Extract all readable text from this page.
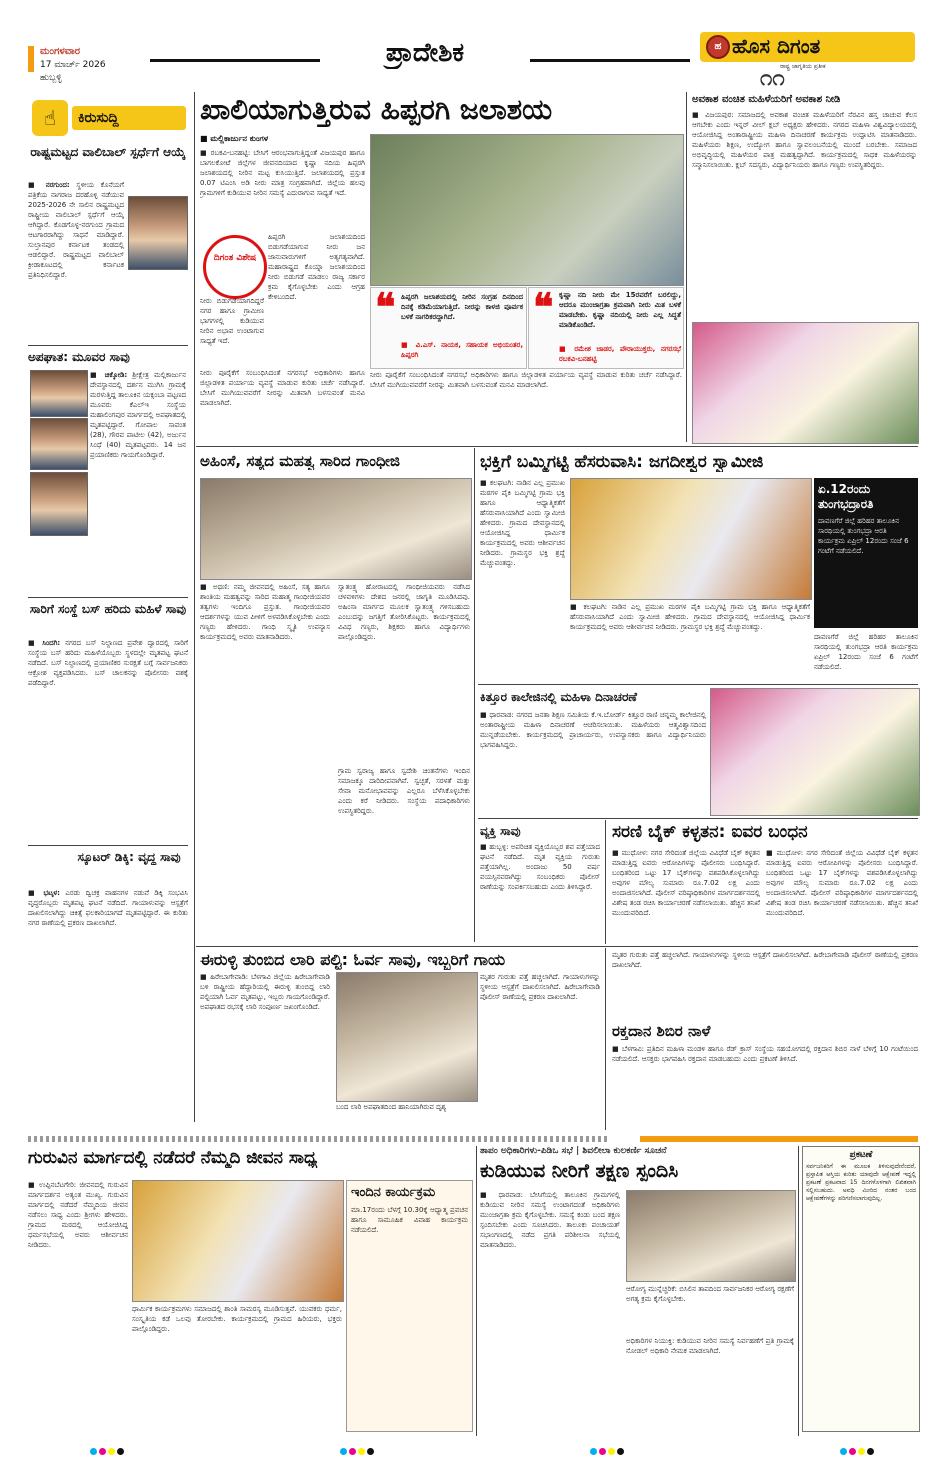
ಮಂಗಳವಾರ
17 ಮಾರ್ಚ್ 2026
ಹುಬ್ಬಳ್ಳಿ
ಪ್ರಾದೇಶಿಕ	ಹ ಹೊಸ ದಿಗಂತ
ರಾಷ್ಟ್ರ ಜಾಗೃತಿಯ ಪ್ರತೀಕ
೧೧
☝	ಕಿರುಸುದ್ದಿ
ರಾಷ್ಟ್ರಮಟ್ಟದ ವಾಲಿಬಾಲ್ ಸ್ಪರ್ಧೆಗೆ ಆಯ್ಕೆ
■ ನರಗುಂದ: ಸ್ಥಳೀಯ ಕೊನೆಯಗೆ ಪತ್ರಿಕೆಯ ನಾಗರಾಜ ದರಹೊಳ್ಳಿ ನಡೆಯುವ 2025-2026 ನೇ ಸಾಲಿನ ರಾಷ್ಟ್ರಮಟ್ಟದ ರಾಷ್ಟ್ರೀಯ ವಾಲಿಬಾಲ್ ಸ್ಪರ್ಧೆಗೆ ಆಯ್ಕೆ ಆಗಿದ್ದಾರೆ. ಕೊಡಗೊಳ್ಳ-ನರಗುಂದ ಗ್ರಾಮದ ಆಟಗಾರರಾಗಿದ್ದು ಸಾಧನೆ ಮಾಡಿದ್ದಾರೆ. ಸುಲ್ತಾನಪುರ ಕರ್ನಾಟಕ ತಂಡದಲ್ಲಿ ಆಡಲಿದ್ದಾರೆ. ರಾಷ್ಟ್ರಮಟ್ಟದ ವಾಲಿಬಾಲ್ ಕ್ರೀಡಾಕೂಟದಲ್ಲಿ ಕರ್ನಾಟಕ ಪ್ರತಿನಿಧಿಸಲಿದ್ದಾರೆ.
ಅಪಘಾತ: ಮೂವರ ಸಾವು
■ ಚಿಕ್ಕೋಡಿ: ಶ್ರೀಕ್ಷೇತ್ರ ಮಲ್ಲಿಕಾರ್ಜುನ ದೇವಸ್ಥಾನದಲ್ಲಿ ದರ್ಶನ ಮುಗಿಸಿ ಗ್ರಾಮಕ್ಕೆ ಮರಳುತ್ತಿದ್ದ ತಾಲೂಕಿನ ಯಕ್ಸಂಬಾ ಪಟ್ಟಣದ ಮೂವರು ಕೆಎಲ್ಇ ಸಂಸ್ಥೆಯ ಮಹಾಲಿಂಗಪುರ ಮಾರ್ಗದಲ್ಲಿ ಅಪಘಾತದಲ್ಲಿ ಮೃತಪಟ್ಟಿದ್ದಾರೆ. ಗೋಪಾಲ ಸಾವಂತ (28), ಗೌರವ ಪಾಟೀಲ (42), ಅರ್ಜುನ ಸಿಂಧೆ (40) ಮೃತಪಟ್ಟವರು. 14 ಜನ ಪ್ರಯಾಣಿಕರು ಗಾಯಗೊಂಡಿದ್ದಾರೆ.
ಸಾರಿಗೆ ಸಂಸ್ಥೆ ಬಸ್ ಹರಿದು ಮಹಿಳೆ ಸಾವು
■ ಸಿಂದಗಿ: ನಗರದ ಬಸ್ ನಿಲ್ದಾಣದ ಪ್ರವೇಶ ದ್ವಾರದಲ್ಲಿ ಸಾರಿಗೆ ಸಂಸ್ಥೆಯ ಬಸ್ ಹರಿದು ಮಹಿಳೆಯೊಬ್ಬರು ಸ್ಥಳದಲ್ಲೇ ಮೃತಪಟ್ಟ ಘಟನೆ ನಡೆದಿದೆ. ಬಸ್ ನಿಲ್ದಾಣದಲ್ಲಿ ಪ್ರಯಾಣಿಕರ ಸುರಕ್ಷತೆ ಬಗ್ಗೆ ಸಾರ್ವಜನಿಕರು ಆಕ್ರೋಶ ವ್ಯಕ್ತಪಡಿಸಿದರು. ಬಸ್ ಚಾಲಕನನ್ನು ಪೊಲೀಸರು ವಶಕ್ಕೆ ಪಡೆದಿದ್ದಾರೆ.
ಸ್ಕೂಟರ್ ಡಿಕ್ಕಿ: ವೃದ್ಧ ಸಾವು
■ ಭಟ್ಕಳ: ಎರಡು ದ್ವಿಚಕ್ರ ವಾಹನಗಳ ನಡುವೆ ಡಿಕ್ಕಿ ಸಂಭವಿಸಿ ವೃದ್ಧರೊಬ್ಬರು ಮೃತಪಟ್ಟ ಘಟನೆ ನಡೆದಿದೆ. ಗಾಯಾಳುವನ್ನು ಆಸ್ಪತ್ರೆಗೆ ದಾಖಲಿಸಲಾಗಿದ್ದು ಚಿಕಿತ್ಸೆ ಫಲಕಾರಿಯಾಗದೆ ಮೃತಪಟ್ಟಿದ್ದಾರೆ. ಈ ಕುರಿತು ನಗರ ಠಾಣೆಯಲ್ಲಿ ಪ್ರಕರಣ ದಾಖಲಾಗಿದೆ.
ಖಾಲಿಯಾಗುತ್ತಿರುವ ಹಿಪ್ಪರಗಿ ಜಲಾಶಯ
■ ಮಲ್ಲಿಕಾರ್ಜುನ ಕುಂಗಳ
■ ರಬಕವಿ-ಬನಹಟ್ಟಿ: ಬೇಸಿಗೆ ಆರಂಭವಾಗುತ್ತಿದ್ದಂತೆ ವಿಜಯಪುರ ಹಾಗೂ ಬಾಗಲಕೋಟೆ ಜಿಲ್ಲೆಗಳ ಜೀವನದಿಯಾದ ಕೃಷ್ಣಾ ನದಿಯ ಹಿಪ್ಪರಗಿ ಜಲಾಶಯದಲ್ಲಿ ನೀರಿನ ಮಟ್ಟ ಕುಸಿಯುತ್ತಿದೆ. ಜಲಾಶಯದಲ್ಲಿ ಪ್ರಸ್ತುತ 0.07 ಟಿಎಂಸಿ ಅಡಿ ನೀರು ಮಾತ್ರ ಸಂಗ್ರಹವಾಗಿದೆ. ಜಿಲ್ಲೆಯ ಹಲವು ಗ್ರಾಮಗಳಿಗೆ ಕುಡಿಯುವ ನೀರಿನ ಸಮಸ್ಯೆ ಎದುರಾಗುವ ಸಾಧ್ಯತೆ ಇದೆ.
ದಿಗಂತ ವಿಶೇಷ
ಹಿಪ್ಪರಗಿ ಜಲಾಶಯದಿಂದ ಬಿಡುಗಡೆಯಾಗುವ ನೀರು ಜನ ಜಾನುವಾರುಗಳಿಗೆ ಅತ್ಯಗತ್ಯವಾಗಿದೆ. ಮಹಾರಾಷ್ಟ್ರದ ಕೊಯ್ನಾ ಜಲಾಶಯದಿಂದ ನೀರು ಬಿಡುಗಡೆ ಮಾಡಲು ರಾಜ್ಯ ಸರ್ಕಾರ ಕ್ರಮ ಕೈಗೊಳ್ಳಬೇಕು ಎಂದು ಆಗ್ರಹ ಕೇಳಿಬಂದಿದೆ.
ನೀರು ಬಿಡುಗಡೆಯಾಗದಿದ್ದರೆ ನಗರ ಹಾಗೂ ಗ್ರಾಮೀಣ ಭಾಗಗಳಲ್ಲಿ ಕುಡಿಯುವ ನೀರಿನ ಅಭಾವ ಉಂಟಾಗುವ ಸಾಧ್ಯತೆ ಇದೆ.
ನೀರು ಪೂರೈಕೆಗೆ ಸಂಬಂಧಿಸಿದಂತೆ ನಗರಸಭೆ ಅಧಿಕಾರಿಗಳು ಹಾಗೂ ಜಿಲ್ಲಾಡಳಿತ ಪರ್ಯಾಯ ವ್ಯವಸ್ಥೆ ಮಾಡುವ ಕುರಿತು ಚರ್ಚೆ ನಡೆಸಿದ್ದಾರೆ. ಬೇಸಿಗೆ ಮುಗಿಯುವವರೆಗೆ ನೀರನ್ನು ಮಿತವಾಗಿ ಬಳಸುವಂತೆ ಮನವಿ ಮಾಡಲಾಗಿದೆ.
❝ ಹಿಪ್ಪರಗಿ ಜಲಾಶಯದಲ್ಲಿ ನೀರಿನ ಸಂಗ್ರಹ ದಿನದಿಂದ ದಿನಕ್ಕೆ ಕಡಿಮೆಯಾಗುತ್ತಿದೆ. ನೀರನ್ನು ಕಾಳಜಿ ಪೂರ್ವಕ ಬಳಕೆ ನಾಗರಿಕರದ್ದಾಗಿದೆ.
■ ವಿ.ಎಸ್. ನಾಯಕ, ಸಹಾಯಕ ಅಭಿಯಂತರ, ಹಿಪ್ಪರಗಿ
❝ ಕೃಷ್ಣಾ ನದಿ ನೀರು ಮೇ 15ರವರೆಗೆ ಬರಲಿದ್ದು, ಆದರೂ ಮುಂಜಾಗ್ರತಾ ಕ್ರಮವಾಗಿ ನೀರು ಮಿತ ಬಳಕೆ ಮಾಡಬೇಕು. ಕೃಷ್ಣಾ ನದಿಯಲ್ಲಿ ನೀರು ಎಲ್ಲ ಸಿದ್ಧತೆ ಮಾಡಿಕೊಂಡಿದೆ.
■ ರಮೇಶ ಜಾಡರ, ಪೌರಾಯುಕ್ತರು, ನಗರಸಭೆ ರಬಕವಿ-ಬನಹಟ್ಟಿ
ನೀರು ಪೂರೈಕೆಗೆ ಸಂಬಂಧಿಸಿದಂತೆ ನಗರಸಭೆ ಅಧಿಕಾರಿಗಳು ಹಾಗೂ ಜಿಲ್ಲಾಡಳಿತ ಪರ್ಯಾಯ ವ್ಯವಸ್ಥೆ ಮಾಡುವ ಕುರಿತು ಚರ್ಚೆ ನಡೆಸಿದ್ದಾರೆ. ಬೇಸಿಗೆ ಮುಗಿಯುವವರೆಗೆ ನೀರನ್ನು ಮಿತವಾಗಿ ಬಳಸುವಂತೆ ಮನವಿ ಮಾಡಲಾಗಿದೆ.
ಅವಕಾಶ ವಂಚಿತ ಮಹಿಳೆಯರಿಗೆ ಅವಕಾಶ ನೀಡಿ
■ ವಿಜಯಪುರ: ಸಮಾಜದಲ್ಲಿ ಅವಕಾಶ ವಂಚಿತ ಮಹಿಳೆಯರಿಗೆ ನೆರವಿನ ಹಸ್ತ ಚಾಚುವ ಕೆಲಸ ಆಗಬೇಕು ಎಂದು ಇನ್ನರ್ ವೀಲ್ ಕ್ಲಬ್ ಅಧ್ಯಕ್ಷರು ಹೇಳಿದರು. ನಗರದ ಮಹಿಳಾ ವಿಶ್ವವಿದ್ಯಾಲಯದಲ್ಲಿ ಆಯೋಜಿಸಿದ್ದ ಅಂತಾರಾಷ್ಟ್ರೀಯ ಮಹಿಳಾ ದಿನಾಚರಣೆ ಕಾರ್ಯಕ್ರಮ ಉದ್ಘಾಟಿಸಿ ಮಾತನಾಡಿದರು. ಮಹಿಳೆಯರು ಶಿಕ್ಷಣ, ಉದ್ಯೋಗ ಹಾಗೂ ಸ್ವಾವಲಂಬನೆಯಲ್ಲಿ ಮುಂದೆ ಬರಬೇಕು. ಸಮಾಜದ ಅಭಿವೃದ್ಧಿಯಲ್ಲಿ ಮಹಿಳೆಯರ ಪಾತ್ರ ಮಹತ್ವದ್ದಾಗಿದೆ. ಕಾರ್ಯಕ್ರಮದಲ್ಲಿ ಸಾಧಕ ಮಹಿಳೆಯರನ್ನು ಸನ್ಮಾನಿಸಲಾಯಿತು. ಕ್ಲಬ್ ಸದಸ್ಯರು, ವಿದ್ಯಾರ್ಥಿನಿಯರು ಹಾಗೂ ಗಣ್ಯರು ಉಪಸ್ಥಿತರಿದ್ದರು.
ಅಹಿಂಸೆ, ಸತ್ಯದ ಮಹತ್ವ ಸಾರಿದ ಗಾಂಧೀಜಿ
■ ಅಥಣಿ: ನಮ್ಮ ಜೀವನದಲ್ಲಿ ಅಹಿಂಸೆ, ಸತ್ಯ ಹಾಗೂ ಶಾಂತಿಯ ಮಹತ್ವವನ್ನು ಸಾರಿದ ಮಹಾತ್ಮ ಗಾಂಧೀಜಿಯವರ ತತ್ವಗಳು ಇಂದಿಗೂ ಪ್ರಸ್ತುತ. ಗಾಂಧೀಜಿಯವರ ಆದರ್ಶಗಳನ್ನು ಯುವ ಪೀಳಿಗೆ ಅಳವಡಿಸಿಕೊಳ್ಳಬೇಕು ಎಂದು ಗಣ್ಯರು ಹೇಳಿದರು. ಗಾಂಧಿ ಸ್ಮೃತಿ ಉಪನ್ಯಾಸ ಕಾರ್ಯಕ್ರಮದಲ್ಲಿ ಅವರು ಮಾತನಾಡಿದರು.
ಸ್ವಾತಂತ್ರ್ಯ ಹೋರಾಟದಲ್ಲಿ ಗಾಂಧೀಜಿಯವರು ನಡೆಸಿದ ಚಳವಳಿಗಳು ದೇಶದ ಜನರಲ್ಲಿ ಜಾಗೃತಿ ಮೂಡಿಸಿದವು. ಅಹಿಂಸಾ ಮಾರ್ಗದ ಮೂಲಕ ಸ್ವಾತಂತ್ರ್ಯ ಗಳಿಸಬಹುದು ಎಂಬುದನ್ನು ಜಗತ್ತಿಗೆ ತೋರಿಸಿಕೊಟ್ಟರು. ಕಾರ್ಯಕ್ರಮದಲ್ಲಿ ವಿವಿಧ ಗಣ್ಯರು, ಶಿಕ್ಷಕರು ಹಾಗೂ ವಿದ್ಯಾರ್ಥಿಗಳು ಪಾಲ್ಗೊಂಡಿದ್ದರು.
ಗ್ರಾಮ ಸ್ವರಾಜ್ಯ ಹಾಗೂ ಸ್ವದೇಶಿ ಚಿಂತನೆಗಳು ಇಂದಿನ ಸಮಾಜಕ್ಕೂ ದಾರಿದೀಪವಾಗಿವೆ. ಸ್ವಚ್ಛತೆ, ಸರಳತೆ ಮತ್ತು ಸೇವಾ ಮನೋಭಾವವನ್ನು ಎಲ್ಲರೂ ಬೆಳೆಸಿಕೊಳ್ಳಬೇಕು ಎಂದು ಕರೆ ನೀಡಿದರು. ಸಂಸ್ಥೆಯ ಪದಾಧಿಕಾರಿಗಳು ಉಪಸ್ಥಿತರಿದ್ದರು.
ಭಕ್ತಿಗೆ ಬಮ್ಮಿಗಟ್ಟಿ ಹೆಸರುವಾಸಿ: ಜಗದೀಶ್ವರ ಸ್ವಾಮೀಜಿ
■ ಕಲಘಟಗಿ: ನಾಡಿನ ಎಲ್ಲ ಪ್ರಮುಖ ಮಠಗಳ ಪೈಕಿ ಬಮ್ಮಿಗಟ್ಟಿ ಗ್ರಾಮ ಭಕ್ತಿ ಹಾಗೂ ಆಧ್ಯಾತ್ಮಿಕತೆಗೆ ಹೆಸರುವಾಸಿಯಾಗಿದೆ ಎಂದು ಸ್ವಾಮೀಜಿ ಹೇಳಿದರು. ಗ್ರಾಮದ ದೇವಸ್ಥಾನದಲ್ಲಿ ಆಯೋಜಿಸಿದ್ದ ಧಾರ್ಮಿಕ ಕಾರ್ಯಕ್ರಮದಲ್ಲಿ ಅವರು ಆಶೀರ್ವಚನ ನೀಡಿದರು. ಗ್ರಾಮಸ್ಥರ ಭಕ್ತಿ ಶ್ರದ್ಧೆ ಮೆಚ್ಚುವಂತದ್ದು.
■ ಕಲಘಟಗಿ: ನಾಡಿನ ಎಲ್ಲ ಪ್ರಮುಖ ಮಠಗಳ ಪೈಕಿ ಬಮ್ಮಿಗಟ್ಟಿ ಗ್ರಾಮ ಭಕ್ತಿ ಹಾಗೂ ಆಧ್ಯಾತ್ಮಿಕತೆಗೆ ಹೆಸರುವಾಸಿಯಾಗಿದೆ ಎಂದು ಸ್ವಾಮೀಜಿ ಹೇಳಿದರು. ಗ್ರಾಮದ ದೇವಸ್ಥಾನದಲ್ಲಿ ಆಯೋಜಿಸಿದ್ದ ಧಾರ್ಮಿಕ ಕಾರ್ಯಕ್ರಮದಲ್ಲಿ ಅವರು ಆಶೀರ್ವಚನ ನೀಡಿದರು. ಗ್ರಾಮಸ್ಥರ ಭಕ್ತಿ ಶ್ರದ್ಧೆ ಮೆಚ್ಚುವಂತದ್ದು.
ಏ.12ರಂದು ತುಂಗಭದ್ರಾರತಿ
ದಾವಣಗೆರೆ ಜಿಲ್ಲೆ ಹರಿಹರ ತಾಲೂಕಿನ ಸಾರಥಿಯಲ್ಲಿ ತುಂಗಭದ್ರಾ ಆರತಿ ಕಾರ್ಯಕ್ರಮ ಏಪ್ರಿಲ್ 12ರಂದು ಸಂಜೆ 6 ಗಂಟೆಗೆ ನಡೆಯಲಿದೆ.
ದಾವಣಗೆರೆ ಜಿಲ್ಲೆ ಹರಿಹರ ತಾಲೂಕಿನ ಸಾರಥಿಯಲ್ಲಿ ತುಂಗಭದ್ರಾ ಆರತಿ ಕಾರ್ಯಕ್ರಮ ಏಪ್ರಿಲ್ 12ರಂದು ಸಂಜೆ 6 ಗಂಟೆಗೆ ನಡೆಯಲಿದೆ.
ಕಿತ್ತೂರ ಕಾಲೇಜಿನಲ್ಲಿ ಮಹಿಳಾ ದಿನಾಚರಣೆ
■ ಧಾರವಾಡ: ನಗರದ ಜನತಾ ಶಿಕ್ಷಣ ಸಮಿತಿಯ ಕೆ.ಇ.ಬೋರ್ಡ್ ಕಿತ್ತೂರ ರಾಣಿ ಚನ್ನಮ್ಮ ಕಾಲೇಜಿನಲ್ಲಿ ಅಂತಾರಾಷ್ಟ್ರೀಯ ಮಹಿಳಾ ದಿನಾಚರಣೆ ಆಚರಿಸಲಾಯಿತು. ಮಹಿಳೆಯರು ಆತ್ಮವಿಶ್ವಾಸದಿಂದ ಮುನ್ನಡೆಯಬೇಕು. ಕಾರ್ಯಕ್ರಮದಲ್ಲಿ ಪ್ರಾಚಾರ್ಯರು, ಉಪನ್ಯಾಸಕರು ಹಾಗೂ ವಿದ್ಯಾರ್ಥಿನಿಯರು ಭಾಗವಹಿಸಿದ್ದರು.
ವ್ಯಕ್ತಿ ಸಾವು
■ ಹುಬ್ಬಳ್ಳಿ: ಅಪರಿಚಿತ ವ್ಯಕ್ತಿಯೊಬ್ಬರ ಶವ ಪತ್ತೆಯಾದ ಘಟನೆ ನಡೆದಿದೆ. ಮೃತ ವ್ಯಕ್ತಿಯ ಗುರುತು ಪತ್ತೆಯಾಗಿಲ್ಲ. ಅಂದಾಜು 50 ವರ್ಷ ವಯಸ್ಸಿನವರಾಗಿದ್ದು ಸಂಬಂಧಿಕರು ಪೊಲೀಸ್ ಠಾಣೆಯನ್ನು ಸಂಪರ್ಕಿಸಬಹುದು ಎಂದು ತಿಳಿಸಿದ್ದಾರೆ.
ಸರಣಿ ಬೈಕ್ ಕಳ್ಳತನ: ಐವರ ಬಂಧನ
■ ಮುಧೋಳ: ನಗರ ಸೇರಿದಂತೆ ಜಿಲ್ಲೆಯ ವಿವಿಧೆಡೆ ಬೈಕ್ ಕಳ್ಳತನ ಮಾಡುತ್ತಿದ್ದ ಐವರು ಆರೋಪಿಗಳನ್ನು ಪೊಲೀಸರು ಬಂಧಿಸಿದ್ದಾರೆ. ಬಂಧಿತರಿಂದ ಒಟ್ಟು 17 ಬೈಕ್‌ಗಳನ್ನು ವಶಪಡಿಸಿಕೊಳ್ಳಲಾಗಿದ್ದು ಅವುಗಳ ಮೌಲ್ಯ ಸುಮಾರು ರೂ.7.02 ಲಕ್ಷ ಎಂದು ಅಂದಾಜಿಸಲಾಗಿದೆ. ಪೊಲೀಸ್ ವರಿಷ್ಠಾಧಿಕಾರಿಗಳ ಮಾರ್ಗದರ್ಶನದಲ್ಲಿ ವಿಶೇಷ ತಂಡ ರಚಿಸಿ ಕಾರ್ಯಾಚರಣೆ ನಡೆಸಲಾಯಿತು. ಹೆಚ್ಚಿನ ತನಿಖೆ ಮುಂದುವರಿದಿದೆ.
■ ಮುಧೋಳ: ನಗರ ಸೇರಿದಂತೆ ಜಿಲ್ಲೆಯ ವಿವಿಧೆಡೆ ಬೈಕ್ ಕಳ್ಳತನ ಮಾಡುತ್ತಿದ್ದ ಐವರು ಆರೋಪಿಗಳನ್ನು ಪೊಲೀಸರು ಬಂಧಿಸಿದ್ದಾರೆ. ಬಂಧಿತರಿಂದ ಒಟ್ಟು 17 ಬೈಕ್‌ಗಳನ್ನು ವಶಪಡಿಸಿಕೊಳ್ಳಲಾಗಿದ್ದು ಅವುಗಳ ಮೌಲ್ಯ ಸುಮಾರು ರೂ.7.02 ಲಕ್ಷ ಎಂದು ಅಂದಾಜಿಸಲಾಗಿದೆ. ಪೊಲೀಸ್ ವರಿಷ್ಠಾಧಿಕಾರಿಗಳ ಮಾರ್ಗದರ್ಶನದಲ್ಲಿ ವಿಶೇಷ ತಂಡ ರಚಿಸಿ ಕಾರ್ಯಾಚರಣೆ ನಡೆಸಲಾಯಿತು. ಹೆಚ್ಚಿನ ತನಿಖೆ ಮುಂದುವರಿದಿದೆ.
ಈರುಳ್ಳಿ ತುಂಬಿದ ಲಾರಿ ಪಲ್ಟಿ: ಓರ್ವ ಸಾವು, ಇಬ್ಬರಿಗೆ ಗಾಯ
■ ಹಿರೇಬಾಗೇವಾಡಿ: ಬೆಳಗಾವಿ ಜಿಲ್ಲೆಯ ಹಿರೇಬಾಗೇವಾಡಿ ಬಳಿ ರಾಷ್ಟ್ರೀಯ ಹೆದ್ದಾರಿಯಲ್ಲಿ ಈರುಳ್ಳಿ ತುಂಬಿದ್ದ ಲಾರಿ ಪಲ್ಟಿಯಾಗಿ ಓರ್ವ ಮೃತಪಟ್ಟು, ಇಬ್ಬರು ಗಾಯಗೊಂಡಿದ್ದಾರೆ. ಅಪಘಾತದ ರಭಸಕ್ಕೆ ಲಾರಿ ಸಂಪೂರ್ಣ ಜಖಂಗೊಂಡಿದೆ.
ಬಂದ ಲಾರಿ ಅಪಘಾತದಿಂದ ಹಾನಿಯಾಗಿರುವ ದೃಶ್ಯ
ಮೃತರ ಗುರುತು ಪತ್ತೆ ಹಚ್ಚಲಾಗಿದೆ. ಗಾಯಾಳುಗಳನ್ನು ಸ್ಥಳೀಯ ಆಸ್ಪತ್ರೆಗೆ ದಾಖಲಿಸಲಾಗಿದೆ. ಹಿರೇಬಾಗೇವಾಡಿ ಪೊಲೀಸ್ ಠಾಣೆಯಲ್ಲಿ ಪ್ರಕರಣ ದಾಖಲಾಗಿದೆ.
ರಕ್ತದಾನ ಶಿಬಿರ ನಾಳೆ
■ ಬೆಳಗಾವಿ: ಪ್ರತಿದಿನ ಮಹಿಳಾ ಮಂಡಳಿ ಹಾಗೂ ರೆಡ್ ಕ್ರಾಸ್ ಸಂಸ್ಥೆಯ ಸಹಯೋಗದಲ್ಲಿ ರಕ್ತದಾನ ಶಿಬಿರ ನಾಳೆ ಬೆಳಿಗ್ಗೆ 10 ಗಂಟೆಯಿಂದ ನಡೆಯಲಿದೆ. ಆಸಕ್ತರು ಭಾಗವಹಿಸಿ ರಕ್ತದಾನ ಮಾಡಬಹುದು ಎಂದು ಪ್ರಕಟಣೆ ತಿಳಿಸಿದೆ.
ಮೃತರ ಗುರುತು ಪತ್ತೆ ಹಚ್ಚಲಾಗಿದೆ. ಗಾಯಾಳುಗಳನ್ನು ಸ್ಥಳೀಯ ಆಸ್ಪತ್ರೆಗೆ ದಾಖಲಿಸಲಾಗಿದೆ. ಹಿರೇಬಾಗೇವಾಡಿ ಪೊಲೀಸ್ ಠಾಣೆಯಲ್ಲಿ ಪ್ರಕರಣ ದಾಖಲಾಗಿದೆ.
ಗುರುವಿನ ಮಾರ್ಗದಲ್ಲಿ ನಡೆದರೆ ನೆಮ್ಮದಿ ಜೀವನ ಸಾಧ್ಯ
■ ಉಪ್ಪಿನಬೆಟಗೇರಿ: ಜೀವನದಲ್ಲಿ ಗುರುವಿನ ಮಾರ್ಗದರ್ಶನ ಅತ್ಯಂತ ಮುಖ್ಯ. ಗುರುವಿನ ಮಾರ್ಗದಲ್ಲಿ ನಡೆದರೆ ನೆಮ್ಮದಿಯ ಜೀವನ ನಡೆಸಲು ಸಾಧ್ಯ ಎಂದು ಶ್ರೀಗಳು ಹೇಳಿದರು. ಗ್ರಾಮದ ಮಠದಲ್ಲಿ ಆಯೋಜಿಸಿದ್ದ ಧರ್ಮಸಭೆಯಲ್ಲಿ ಅವರು ಆಶೀರ್ವಚನ ನೀಡಿದರು.
ಧಾರ್ಮಿಕ ಕಾರ್ಯಕ್ರಮಗಳು ಸಮಾಜದಲ್ಲಿ ಶಾಂತಿ ಸಾಮರಸ್ಯ ಮೂಡಿಸುತ್ತವೆ. ಯುವಕರು ಧರ್ಮ, ಸಂಸ್ಕೃತಿಯ ಕಡೆ ಒಲವು ತೋರಬೇಕು. ಕಾರ್ಯಕ್ರಮದಲ್ಲಿ ಗ್ರಾಮದ ಹಿರಿಯರು, ಭಕ್ತರು ಪಾಲ್ಗೊಂಡಿದ್ದರು.
ಇಂದಿನ ಕಾರ್ಯಕ್ರಮ
ಮಾ.17ರಂದು ಬೆಳಗ್ಗೆ 10.30ಕ್ಕೆ ಆಧ್ಯಾತ್ಮ ಪ್ರವಚನ ಹಾಗೂ ಸಾಮೂಹಿಕ ವಿವಾಹ ಕಾರ್ಯಕ್ರಮ ನಡೆಯಲಿದೆ.
ತಾಪಂ ಅಧಿಕಾರಿಗಳು-ಪಿಡಿಒ ಸಭೆ | ಶಿವಲೀಲಾ ಕುಲಕರ್ಣಿ ಸೂಚನೆ
ಕುಡಿಯುವ ನೀರಿಗೆ ತಕ್ಷಣ ಸ್ಪಂದಿಸಿ
■ ಧಾರವಾಡ: ಬೇಸಿಗೆಯಲ್ಲಿ ತಾಲೂಕಿನ ಗ್ರಾಮಗಳಲ್ಲಿ ಕುಡಿಯುವ ನೀರಿನ ಸಮಸ್ಯೆ ಉಂಟಾಗದಂತೆ ಅಧಿಕಾರಿಗಳು ಮುಂಜಾಗ್ರತಾ ಕ್ರಮ ಕೈಗೊಳ್ಳಬೇಕು. ಸಮಸ್ಯೆ ಕಂಡು ಬಂದ ತಕ್ಷಣ ಸ್ಪಂದಿಸಬೇಕು ಎಂದು ಸೂಚಿಸಿದರು. ತಾಲೂಕು ಪಂಚಾಯತ್ ಸಭಾಂಗಣದಲ್ಲಿ ನಡೆದ ಪ್ರಗತಿ ಪರಿಶೀಲನಾ ಸಭೆಯಲ್ಲಿ ಮಾತನಾಡಿದರು.
ಆರೋಗ್ಯ ಮುನ್ನೆಚ್ಚರಿಕೆ: ಬಿಸಿಲಿನ ತಾಪದಿಂದ ಸಾರ್ವಜನಿಕರ ಆರೋಗ್ಯ ರಕ್ಷಣೆಗೆ ಅಗತ್ಯ ಕ್ರಮ ಕೈಗೊಳ್ಳಬೇಕು.
ಅಧಿಕಾರಿಗಳ ನಿಯುಕ್ತಿ: ಕುಡಿಯುವ ನೀರಿನ ಸಮಸ್ಯೆ ನಿರ್ವಹಣೆಗೆ ಪ್ರತಿ ಗ್ರಾಮಕ್ಕೆ ನೋಡಲ್ ಅಧಿಕಾರಿ ನೇಮಕ ಮಾಡಲಾಗಿದೆ.
ಪ್ರಕಟಣೆ
ಸರ್ವಜನಿಕರಿಗೆ ಈ ಮೂಲಕ ತಿಳಿಸುವುದೇನೆಂದರೆ, ಪ್ರಸ್ತಾಪಿತ ಆಸ್ತಿಯ ಕುರಿತು ಯಾವುದೇ ಆಕ್ಷೇಪಣೆ ಇದ್ದಲ್ಲಿ ಪ್ರಕಟಣೆ ಪ್ರಕಟವಾದ 15 ದಿನಗಳೊಳಗಾಗಿ ಲಿಖಿತವಾಗಿ ಸಲ್ಲಿಸಬಹುದು. ಅವಧಿ ಮೀರಿದ ನಂತರ ಬಂದ ಆಕ್ಷೇಪಣೆಗಳನ್ನು ಪರಿಗಣಿಸಲಾಗುವುದಿಲ್ಲ.
